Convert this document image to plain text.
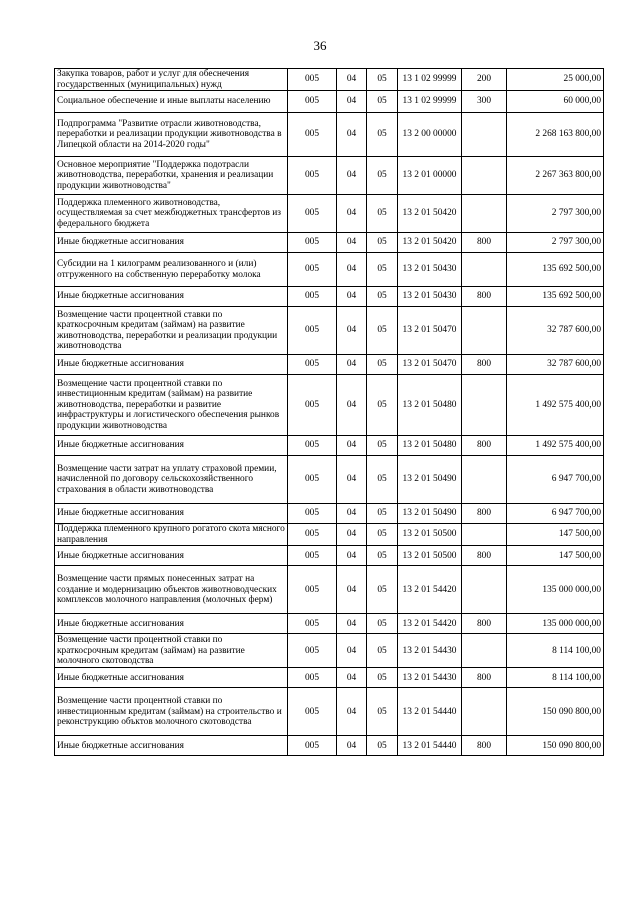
36
Закупка товаров, работ и услуг для обеснечения государственных (муниципальных) нужд	005	04	05	13 1 02 99999	200	25 000,00
Социальное обеспечение и иные выплаты населению	005	04	05	13 1 02 99999	300	60 000,00
Подпрограмма "Развитие отрасли животноводства, переработки и реализации продукции животноводства в Липецкой области на 2014-2020 годы"	005	04	05	13 2 00 00000		2 268 163 800,00
Основное мероприятие "Поддержка подотрасли животноводства, переработки, хранения и реализации продукции животноводства"	005	04	05	13 2 01 00000		2 267 363 800,00
Поддержка племенного животноводства, осуществляемая за счет межбюджетных трансфертов из федерального бюджета	005	04	05	13 2 01 50420		2 797 300,00
Иные бюджетные ассигнования	005	04	05	13 2 01 50420	800	2 797 300,00
Субсидии на 1 килограмм реализованного и (или) отгруженного на собственную переработку молока	005	04	05	13 2 01 50430		135 692 500,00
Иные бюджетные ассигнования	005	04	05	13 2 01 50430	800	135 692 500,00
Возмещение части процентной ставки по краткосрочным кредитам (займам) на развитие животноводства, переработки и реализации продукции животноводства	005	04	05	13 2 01 50470		32 787 600,00
Иные бюджетные ассигнования	005	04	05	13 2 01 50470	800	32 787 600,00
Возмещение части процентной ставки по инвестиционным кредитам (займам) на развитие животноводства, переработки и развитие инфраструктуры и логистического обеспечения рынков продукции животноводства	005	04	05	13 2 01 50480		1 492 575 400,00
Иные бюджетные ассигнования	005	04	05	13 2 01 50480	800	1 492 575 400,00
Возмещение части затрат на уплату страховой премии, начисленной по договору сельскохозяйственного страхования в области животноводства	005	04	05	13 2 01 50490		6 947 700,00
Иные бюджетные ассигнования	005	04	05	13 2 01 50490	800	6 947 700,00
Поддержка племенного крупного рогатого скота мясного направления	005	04	05	13 2 01 50500		147 500,00
Иные бюджетные ассигнования	005	04	05	13 2 01 50500	800	147 500,00
Возмещение части прямых понесенных затрат на создание и модернизацию объектов животноводческих комплексов молочного направления (молочных ферм)	005	04	05	13 2 01 54420		135 000 000,00
Иные бюджетные ассигнования	005	04	05	13 2 01 54420	800	135 000 000,00
Возмещение части процентной ставки по краткосрочным кредитам (займам) на развитие молочного скотоводства	005	04	05	13 2 01 54430		8 114 100,00
Иные бюджетные ассигнования	005	04	05	13 2 01 54430	800	8 114 100,00
Возмещение части процентной ставки по инвестиционным кредитам (займам) на строительство и реконструкцию объктов молочного скотоводства	005	04	05	13 2 01 54440		150 090 800,00
Иные бюджетные ассигнования	005	04	05	13 2 01 54440	800	150 090 800,00
